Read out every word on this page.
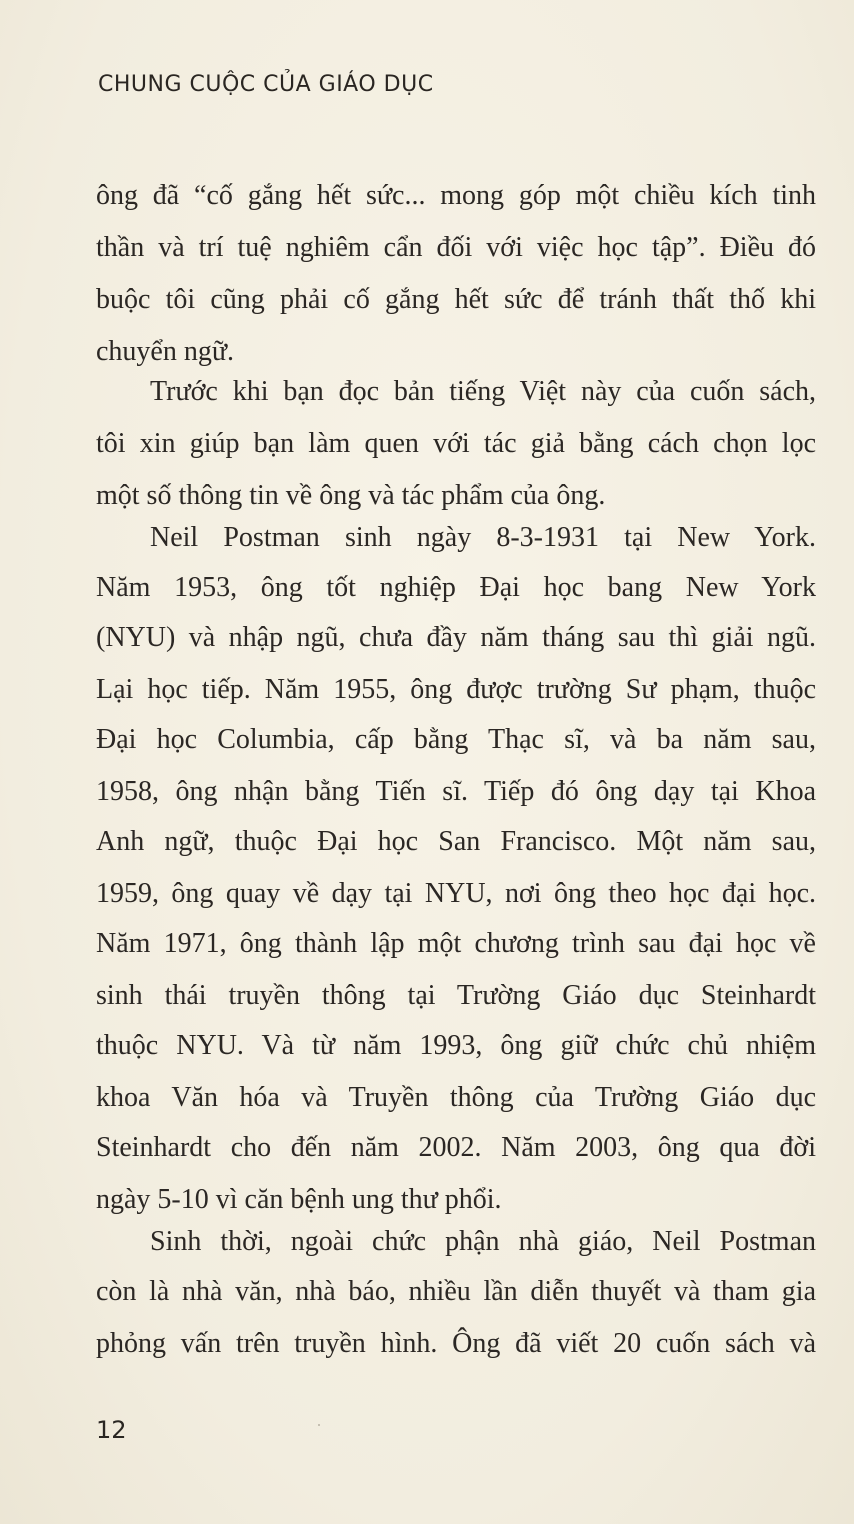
CHUNG CUỘC CỦA GIÁO DỤC
ông đã “cố gắng hết sức... mong góp một chiều kích tinh
thần và trí tuệ nghiêm cẩn đối với việc học tập”. Điều đó
buộc tôi cũng phải cố gắng hết sức để tránh thất thố khi
chuyển ngữ.
Trước khi bạn đọc bản tiếng Việt này của cuốn sách,
tôi xin giúp bạn làm quen với tác giả bằng cách chọn lọc
một số thông tin về ông và tác phẩm của ông.
Neil Postman sinh ngày 8-3-1931 tại New York.
Năm 1953, ông tốt nghiệp Đại học bang New York
(NYU) và nhập ngũ, chưa đầy năm tháng sau thì giải ngũ.
Lại học tiếp. Năm 1955, ông được trường Sư phạm, thuộc
Đại học Columbia, cấp bằng Thạc sĩ, và ba năm sau,
1958, ông nhận bằng Tiến sĩ. Tiếp đó ông dạy tại Khoa
Anh ngữ, thuộc Đại học San Francisco. Một năm sau,
1959, ông quay về dạy tại NYU, nơi ông theo học đại học.
Năm 1971, ông thành lập một chương trình sau đại học về
sinh thái truyền thông tại Trường Giáo dục Steinhardt
thuộc NYU. Và từ năm 1993, ông giữ chức chủ nhiệm
khoa Văn hóa và Truyền thông của Trường Giáo dục
Steinhardt cho đến năm 2002. Năm 2003, ông qua đời
ngày 5-10 vì căn bệnh ung thư phổi.
Sinh thời, ngoài chức phận nhà giáo, Neil Postman
còn là nhà văn, nhà báo, nhiều lần diễn thuyết và tham gia
phỏng vấn trên truyền hình. Ông đã viết 20 cuốn sách và
12
